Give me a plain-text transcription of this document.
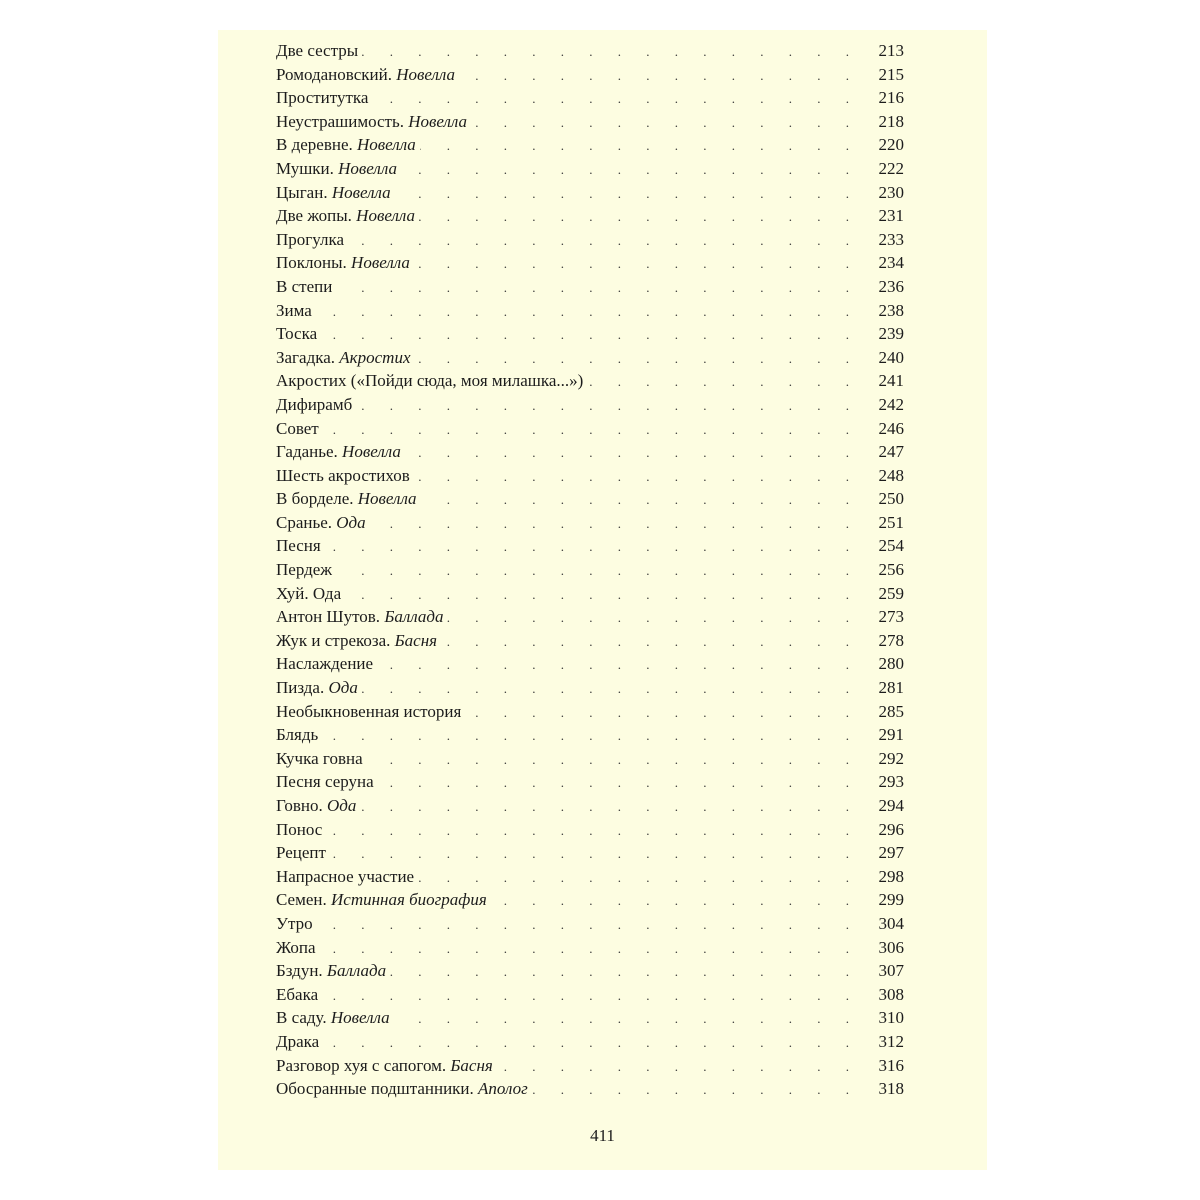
Две сестры . . .	213
Ромодановский. Новелла . . .	215
Проститутка . . .	216
Неустрашимость. Новелла . . .	218
В деревне. Новелла . . .	220
Мушки. Новелла . . .	222
Цыган. Новелла . . .	230
Две жопы. Новелла . . .	231
Прогулка . . .	233
Поклоны. Новелла . . .	234
В степи . . .	236
Зима . . .	238
Тоска . . .	239
Загадка. Акростих . . .	240
Акростих («Пойди сюда, моя милашка...») . . .	241
Дифирамб . . .	242
Совет . . .	246
Гаданье. Новелла . . .	247
Шесть акростихов . . .	248
В борделе. Новелла . . .	250
Сранье. Ода . . .	251
Песня . . .	254
Пердеж . . .	256
Хуй. Ода . . .	259
Антон Шутов. Баллада . . .	273
Жук и стрекоза. Басня . . .	278
Наслаждение . . .	280
Пизда. Ода . . .	281
Необыкновенная история . . .	285
Блядь . . .	291
Кучка говна . . .	292
Песня серуна . . .	293
Говно. Ода . . .	294
Понос . . .	296
Рецепт . . .	297
Напрасное участие . . .	298
Семен. Истинная биография . . .	299
Утро . . .	304
Жопа . . .	306
Бздун. Баллада . . .	307
Ебака . . .	308
В саду. Новелла . . .	310
Драка . . .	312
Разговор хуя с сапогом. Басня . . .	316
Обосранные подштанники. Аполог . . .	318
411
